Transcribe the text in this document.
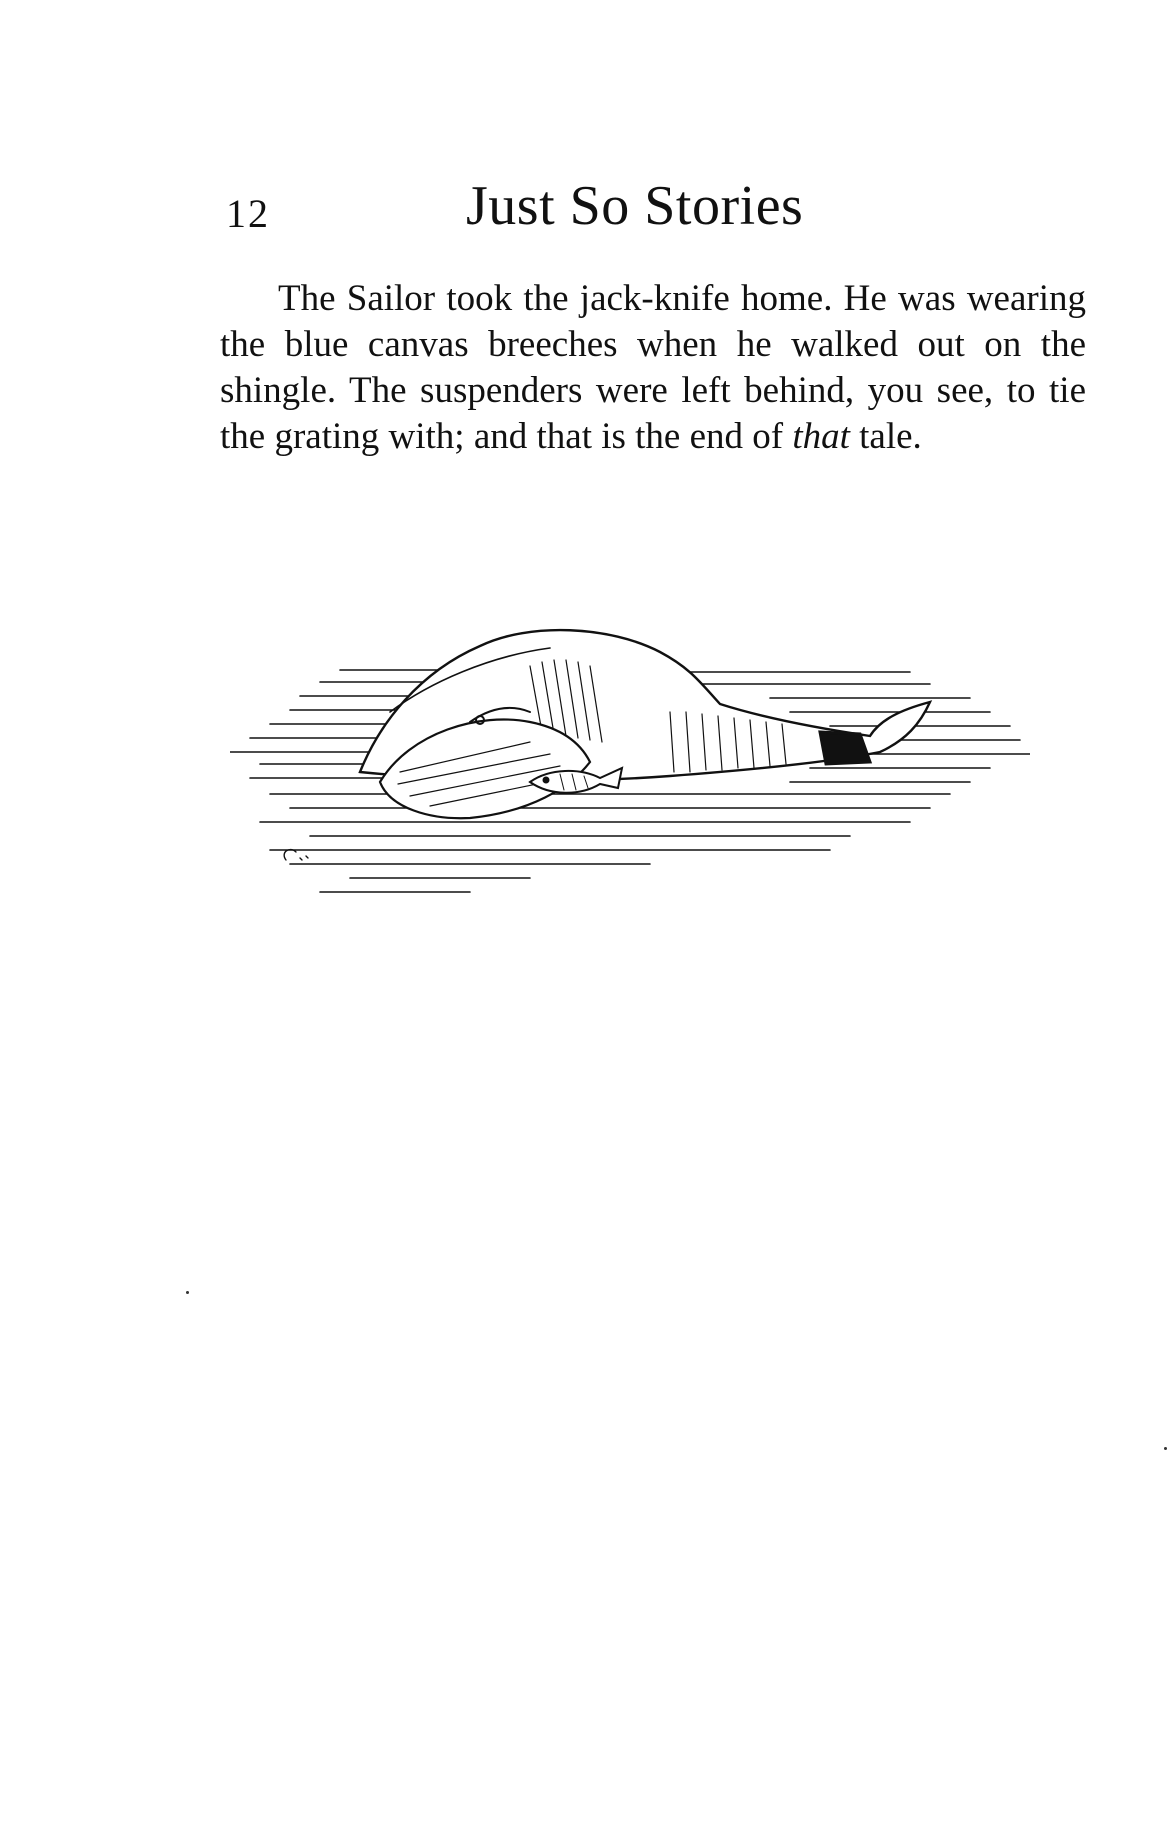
12	Just So Stories

The Sailor took the jack-knife home. He was wearing the blue canvas breeches when he walked out on the shingle. The suspenders were left behind, you see, to tie the grating with; and that is the end of that tale.
